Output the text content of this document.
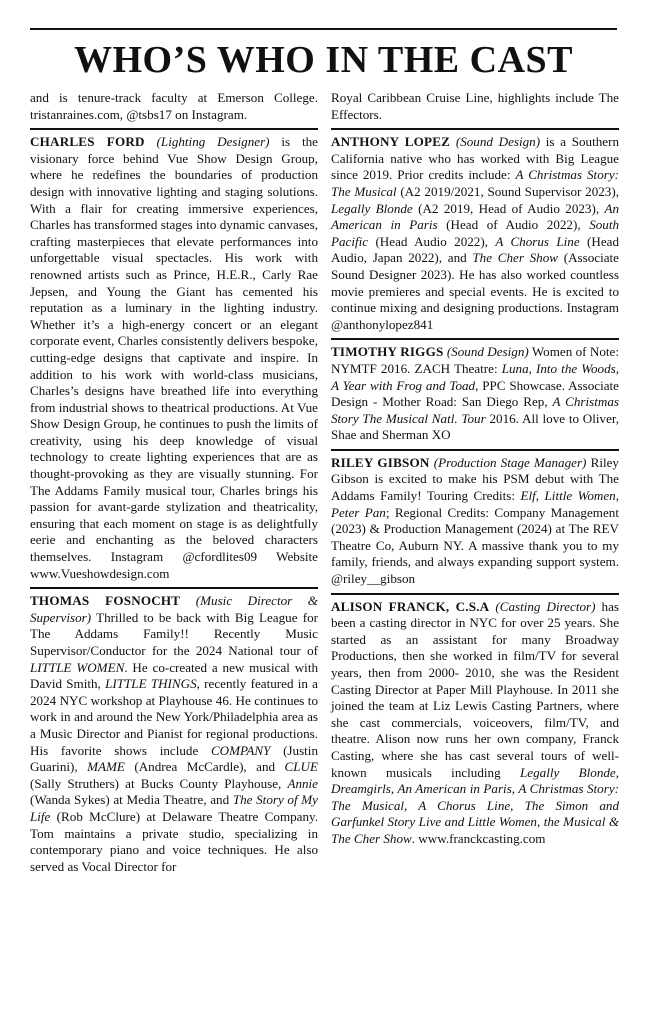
WHO’S WHO IN THE CAST

and is tenure-track faculty at Emerson College. tristanraines.com, @tsbs17 on Instagram.

CHARLES FORD (Lighting Designer) is the visionary force behind Vue Show Design Group, where he redefines the boundaries of production design with innovative lighting and staging solutions. With a flair for creating immersive experiences, Charles has transformed stages into dynamic canvases, crafting masterpieces that elevate performances into unforgettable visual spectacles. His work with renowned artists such as Prince, H.E.R., Carly Rae Jepsen, and Young the Giant has cemented his reputation as a luminary in the lighting industry. Whether it’s a high-energy concert or an elegant corporate event, Charles consistently delivers bespoke, cutting-edge designs that captivate and inspire. In addition to his work with world-class musicians, Charles’s designs have breathed life into everything from industrial shows to theatrical productions. At Vue Show Design Group, he continues to push the limits of creativity, using his deep knowledge of visual technology to create lighting experiences that are as thought-provoking as they are visually stunning. For The Addams Family musical tour, Charles brings his passion for avant-garde stylization and theatricality, ensuring that each moment on stage is as delightfully eerie and enchanting as the beloved characters themselves. Instagram @cfordlites09 Website www.Vueshowdesign.com

THOMAS FOSNOCHT (Music Director & Supervisor) Thrilled to be back with Big League for The Addams Family!! Recently Music Supervisor/Conductor for the 2024 National tour of LITTLE WOMEN. He co-created a new musical with David Smith, LITTLE THINGS, recently featured in a 2024 NYC workshop at Playhouse 46. He continues to work in and around the New York/Philadelphia area as a Music Director and Pianist for regional productions. His favorite shows include COMPANY (Justin Guarini), MAME (Andrea McCardle), and CLUE (Sally Struthers) at Bucks County Playhouse, Annie (Wanda Sykes) at Media Theatre, and The Story of My Life (Rob McClure) at Delaware Theatre Company. Tom maintains a private studio, specializing in contemporary piano and voice techniques. He also served as Vocal Director for

Royal Caribbean Cruise Line, highlights include The Effectors.

ANTHONY LOPEZ (Sound Design) is a Southern California native who has worked with Big League since 2019. Prior credits include: A Christmas Story: The Musical (A2 2019/2021, Sound Supervisor 2023), Legally Blonde (A2 2019, Head of Audio 2023), An American in Paris (Head of Audio 2022), South Pacific (Head Audio 2022), A Chorus Line (Head Audio, Japan 2022), and The Cher Show (Associate Sound Designer 2023). He has also worked countless movie premieres and special events. He is excited to continue mixing and designing productions. Instagram @anthonylopez841

TIMOTHY RIGGS (Sound Design) Women of Note: NYMTF 2016. ZACH Theatre: Luna, Into the Woods, A Year with Frog and Toad, PPC Showcase. Associate Design - Mother Road: San Diego Rep, A Christmas Story The Musical Natl. Tour 2016. All love to Oliver, Shae and Sherman XO

RILEY GIBSON (Production Stage Manager) Riley Gibson is excited to make his PSM debut with The Addams Family! Touring Credits: Elf, Little Women, Peter Pan; Regional Credits: Company Management (2023) & Production Management (2024) at The REV Theatre Co, Auburn NY. A massive thank you to my family, friends, and always expanding support system. @riley__gibson

ALISON FRANCK, C.S.A (Casting Director) has been a casting director in NYC for over 25 years. She started as an assistant for many Broadway Productions, then she worked in film/TV for several years, then from 2000- 2010, she was the Resident Casting Director at Paper Mill Playhouse. In 2011 she joined the team at Liz Lewis Casting Partners, where she cast commercials, voiceovers, film/TV, and theatre. Alison now runs her own company, Franck Casting, where she has cast several tours of well-known musicals including Legally Blonde, Dreamgirls, An American in Paris, A Christmas Story: The Musical, A Chorus Line, The Simon and Garfunkel Story Live and Little Women, the Musical & The Cher Show. www.franckcasting.com
